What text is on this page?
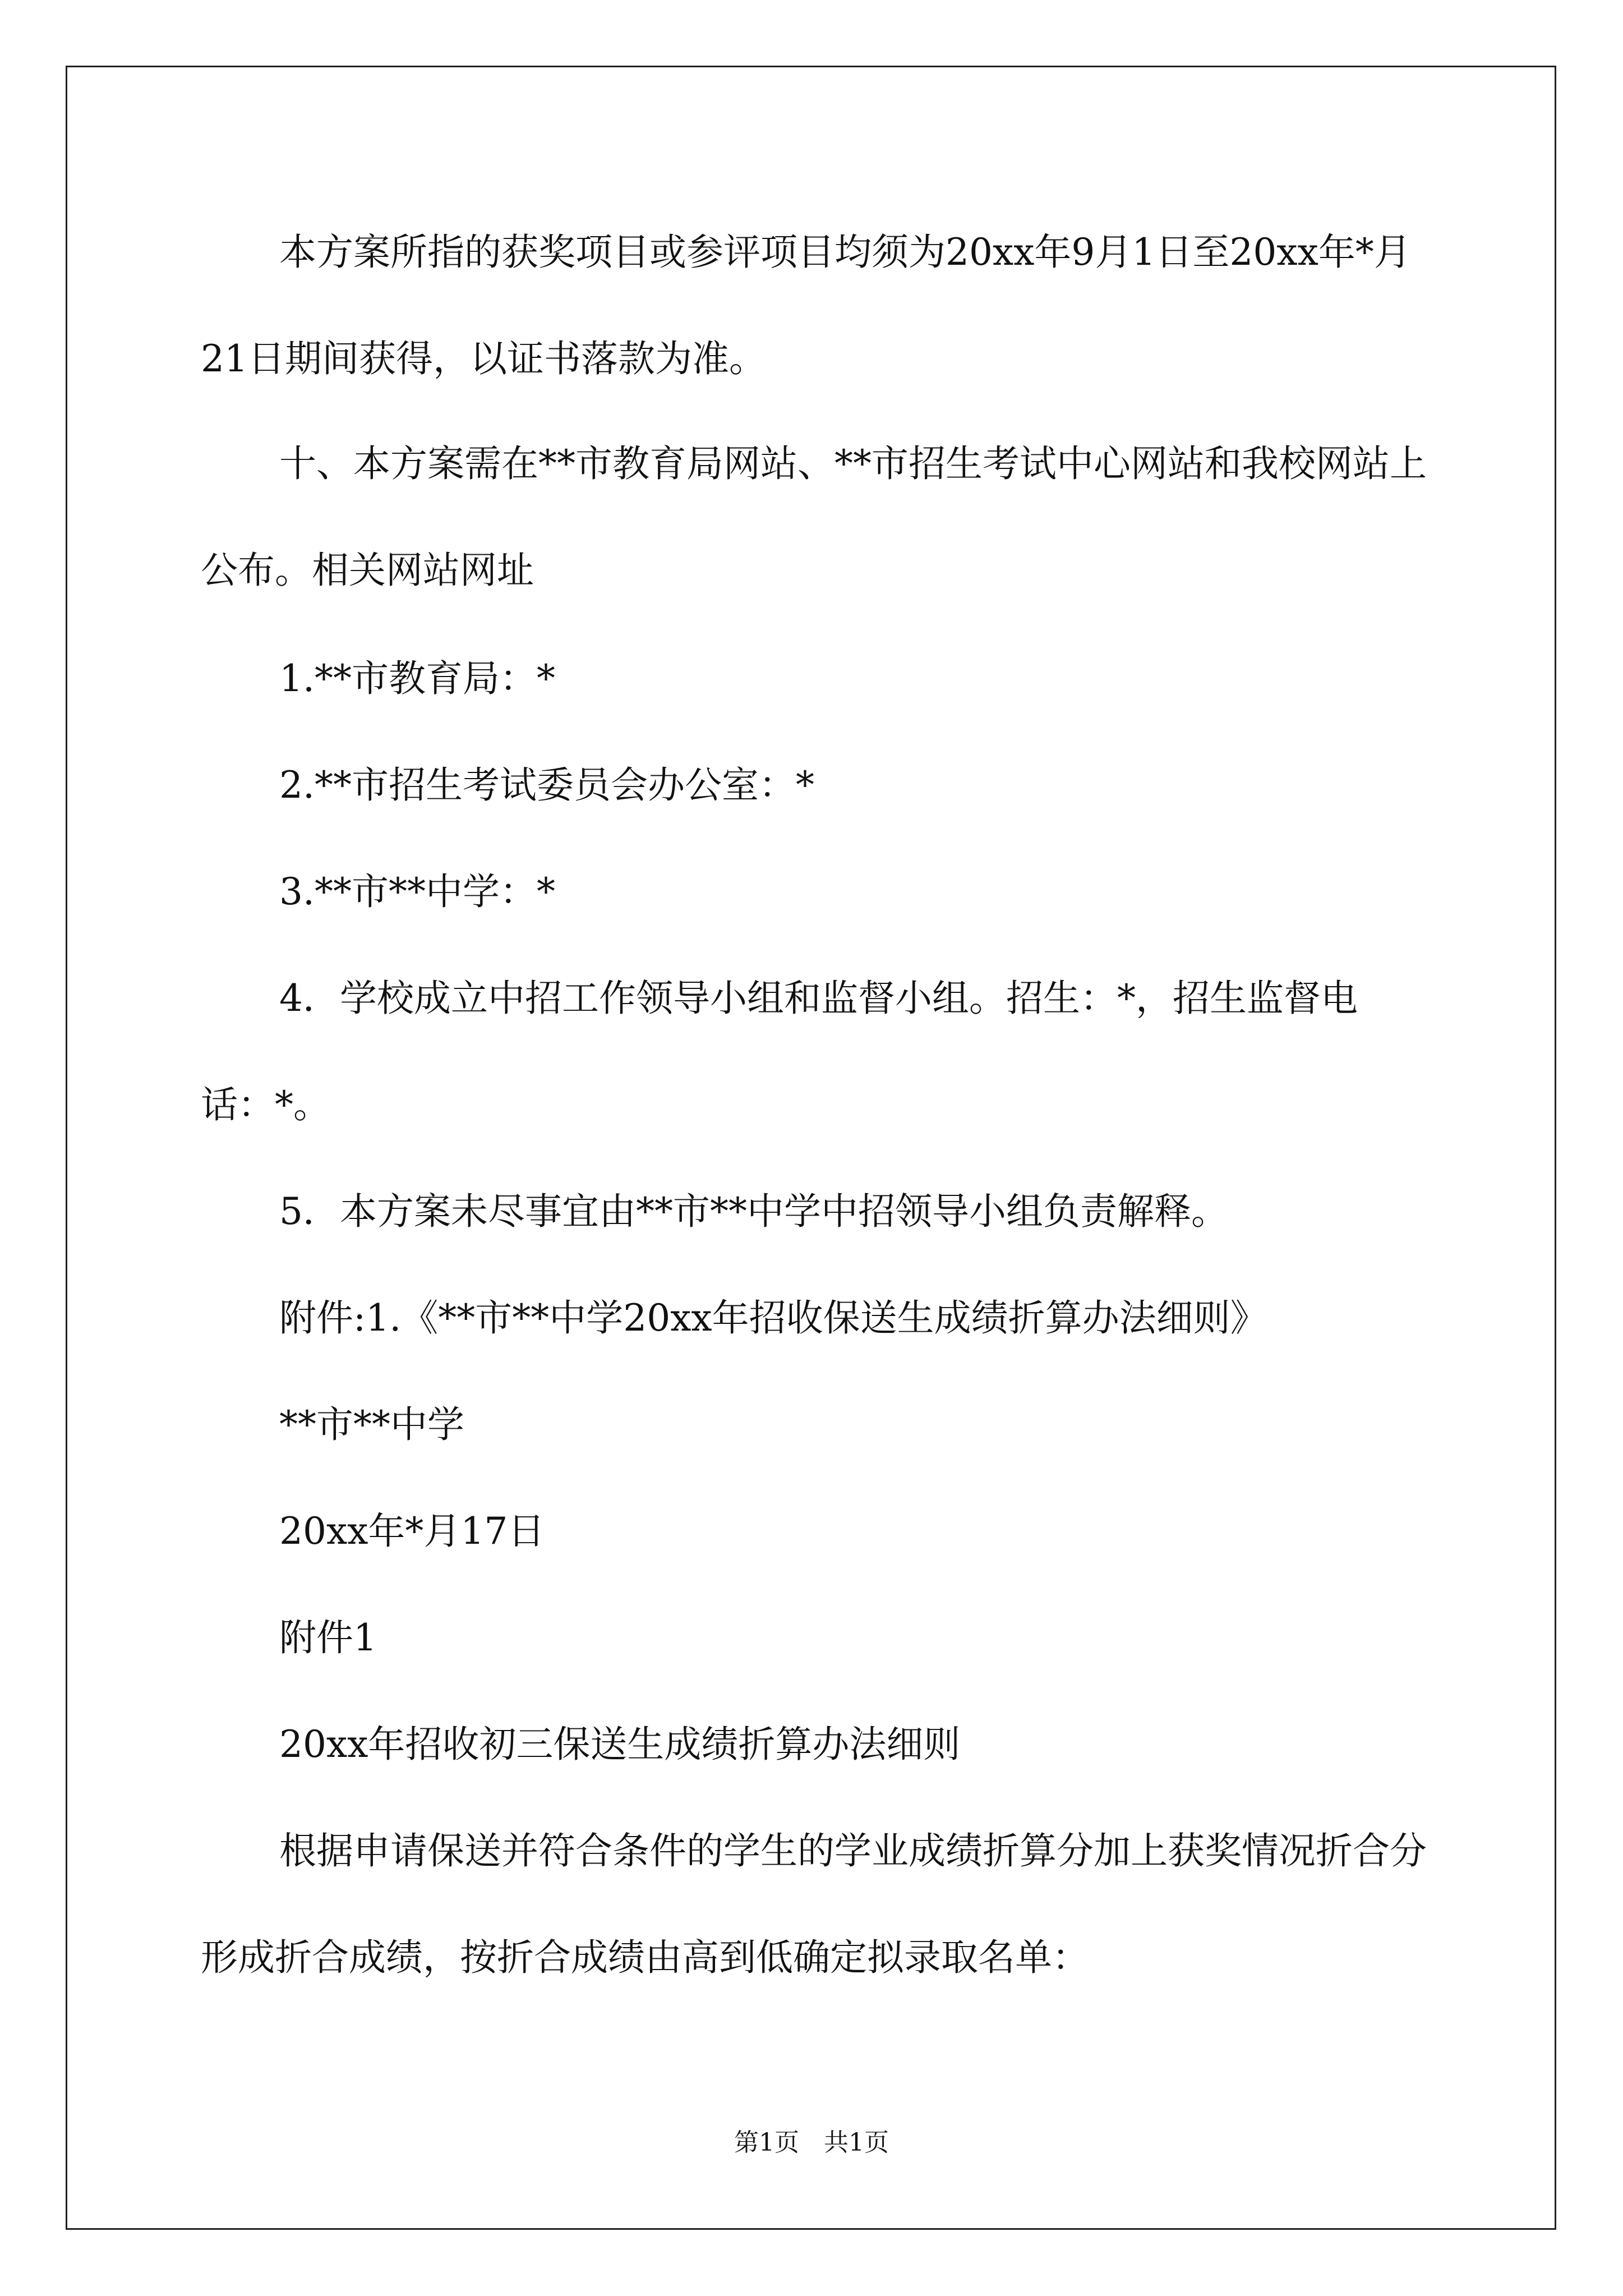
本方案所指的获奖项目或参评项目均须为20xx年9月1日至20xx年*月21日期间获得，以证书落款为准。

十、本方案需在**市教育局网站、**市招生考试中心网站和我校网站上公布。相关网站网址

1.**市教育局：*

2.**市招生考试委员会办公室：*

3.**市**中学：*

4．学校成立中招工作领导小组和监督小组。招生：*，招生监督电话：*。

5．本方案未尽事宜由**市**中学中招领导小组负责解释。

附件:1.《**市**中学20xx年招收保送生成绩折算办法细则》

**市**中学

20xx年*月17日

附件1

20xx年招收初三保送生成绩折算办法细则

根据申请保送并符合条件的学生的学业成绩折算分加上获奖情况折合分形成折合成绩，按折合成绩由高到低确定拟录取名单：

第1页　共1页
